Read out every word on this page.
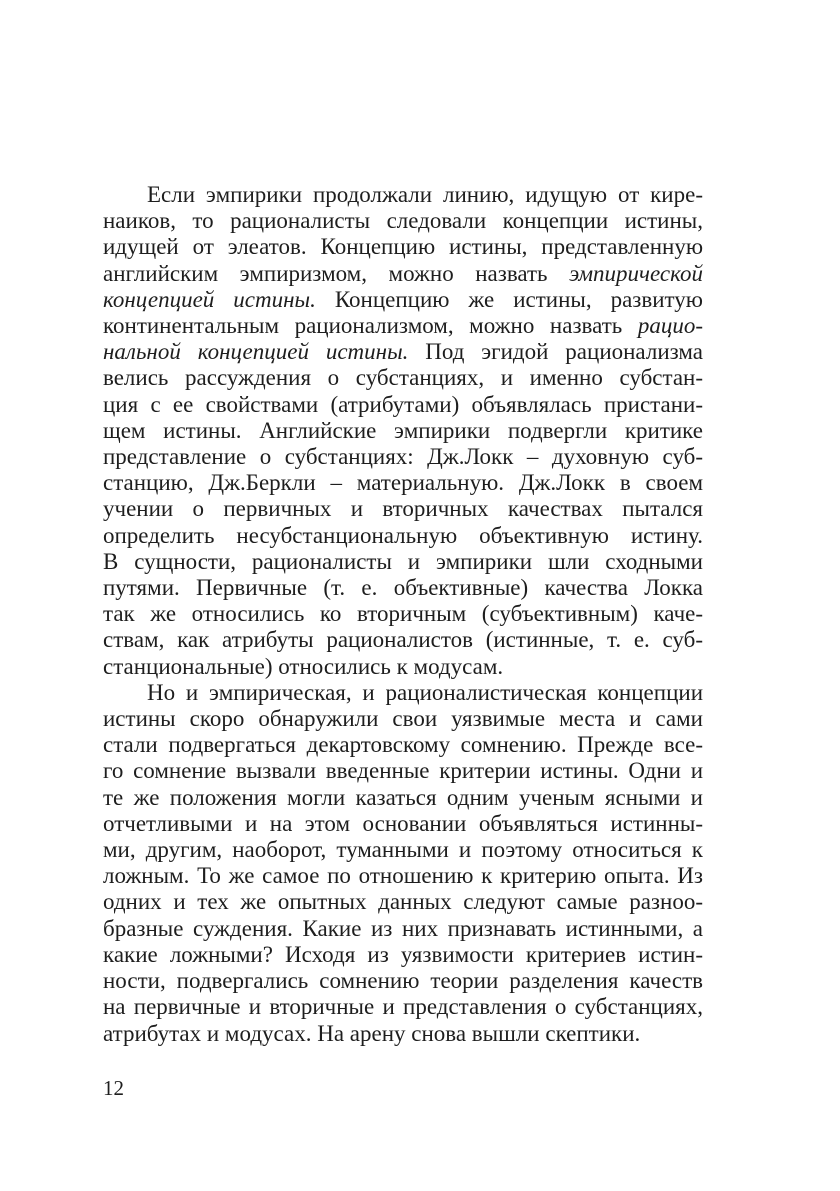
Если эмпирики продолжали линию, идущую от кире-
наиков, то рационалисты следовали концепции истины,
идущей от элеатов. Концепцию истины, представленную
английским эмпиризмом, можно назвать эмпирической
концепцией истины. Концепцию же истины, развитую
континентальным рационализмом, можно назвать рацио-
нальной концепцией истины. Под эгидой рационализма
велись рассуждения о субстанциях, и именно субстан-
ция с ее свойствами (атрибутами) объявлялась пристани-
щем истины. Английские эмпирики подвергли критике
представление о субстанциях: Дж.Локк – духовную суб-
станцию, Дж.Беркли – материальную. Дж.Локк в своем
учении о первичных и вторичных качествах пытался
определить несубстанциональную объективную истину.
В сущности, рационалисты и эмпирики шли сходными
путями. Первичные (т. е. объективные) качества Локка
так же относились ко вторичным (субъективным) каче-
ствам, как атрибуты рационалистов (истинные, т. е. суб-
станциональные) относились к модусам.
Но и эмпирическая, и рационалистическая концепции
истины скоро обнаружили свои уязвимые места и сами
стали подвергаться декартовскому сомнению. Прежде все-
го сомнение вызвали введенные критерии истины. Одни и
те же положения могли казаться одним ученым ясными и
отчетливыми и на этом основании объявляться истинны-
ми, другим, наоборот, туманными и поэтому относиться к
ложным. То же самое по отношению к критерию опыта. Из
одних и тех же опытных данных следуют самые разноо-
бразные суждения. Какие из них признавать истинными, а
какие ложными? Исходя из уязвимости критериев истин-
ности, подвергались сомнению теории разделения качеств
на первичные и вторичные и представления о субстанциях,
атрибутах и модусах. На арену снова вышли скептики.
12
